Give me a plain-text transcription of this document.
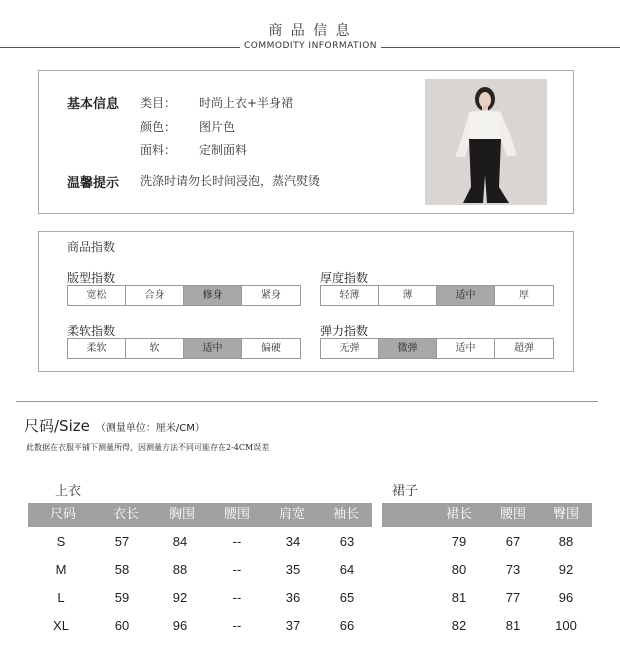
商 品 信 息
COMMODITY INFORMATION
基本信息 类目： 时尚上衣+半身裙
颜色： 图片色
面料： 定制面料
温馨提示 洗涤时请勿长时间浸泡，蒸汽熨烫
商品指数
版型指数
宽松	合身	修身	紧身
厚度指数
轻薄	薄	适中	厚
柔软指数
柔软	软	适中	偏硬
弹力指数
无弹	微弹	适中	超弹
尺码/Size （测量单位：厘米/CM）
此数据在衣服平铺下测量所得，因测量方法不同可能存在2-4CM误差
上衣
尺码	衣长	胸围	腰围	肩宽	袖长
S	57	84	--	34	63
M	58	88	--	35	64
L	59	92	--	36	65
XL	60	96	--	37	66
裙子
裙长	腰围	臀围
79	67	88
80	73	92
81	77	96
82	81	100
